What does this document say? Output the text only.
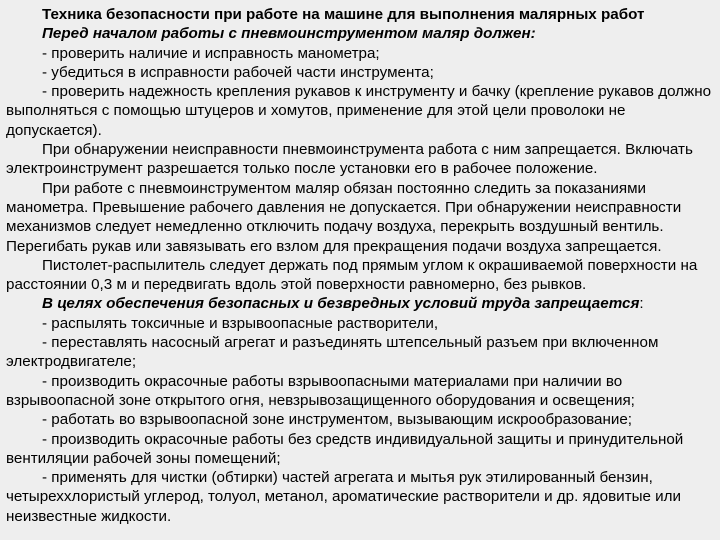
Техника безопасности при работе на машине для выполнения малярных работ

Перед началом работы с пневмоинструментом маляр должен:

- проверить наличие и исправность манометра;

- убедиться в исправности рабочей части инструмента;

- проверить надежность крепления рукавов к инструменту и бачку (крепление рукавов должно выполняться с помощью штуцеров и хомутов, применение для этой цели проволоки не допускается).

При обнаружении неисправности пневмоинструмента работа с ним запрещается. Включать электроинструмент разрешается только после установки его в рабочее положение.

При работе с пневмоинструментом маляр обязан постоянно следить за показаниями манометра. Превышение рабочего давления не допускается. При обнаружении неисправности механизмов следует немедленно отключить подачу воздуха, перекрыть воздушный вентиль. Перегибать рукав или завязывать его взлом для прекращения подачи воздуха запрещается.

Пистолет-распылитель следует держать под прямым углом к окрашиваемой поверхности на расстоянии 0,3 м и передвигать вдоль этой поверхности равномерно, без рывков.

В целях обеспечения безопасных и безвредных условий труда запрещается:

- распылять токсичные и взрывоопасные растворители,

- переставлять насосный агрегат и разъединять штепсельный разъем при включенном электродвигателе;

- производить окрасочные работы взрывоопасными материалами при наличии во взрывоопасной зоне открытого огня, невзрывозащищенного оборудования и освещения;

- работать во взрывоопасной зоне инструментом, вызывающим искрообразование;

- производить окрасочные работы без средств индивидуальной защиты и принудительной вентиляции рабочей зоны помещений;

- применять для чистки (обтирки) частей агрегата и мытья рук этилированный бензин, четыреххлористый углерод, толуол, метанол, ароматические растворители и др. ядовитые или неизвестные жидкости.
